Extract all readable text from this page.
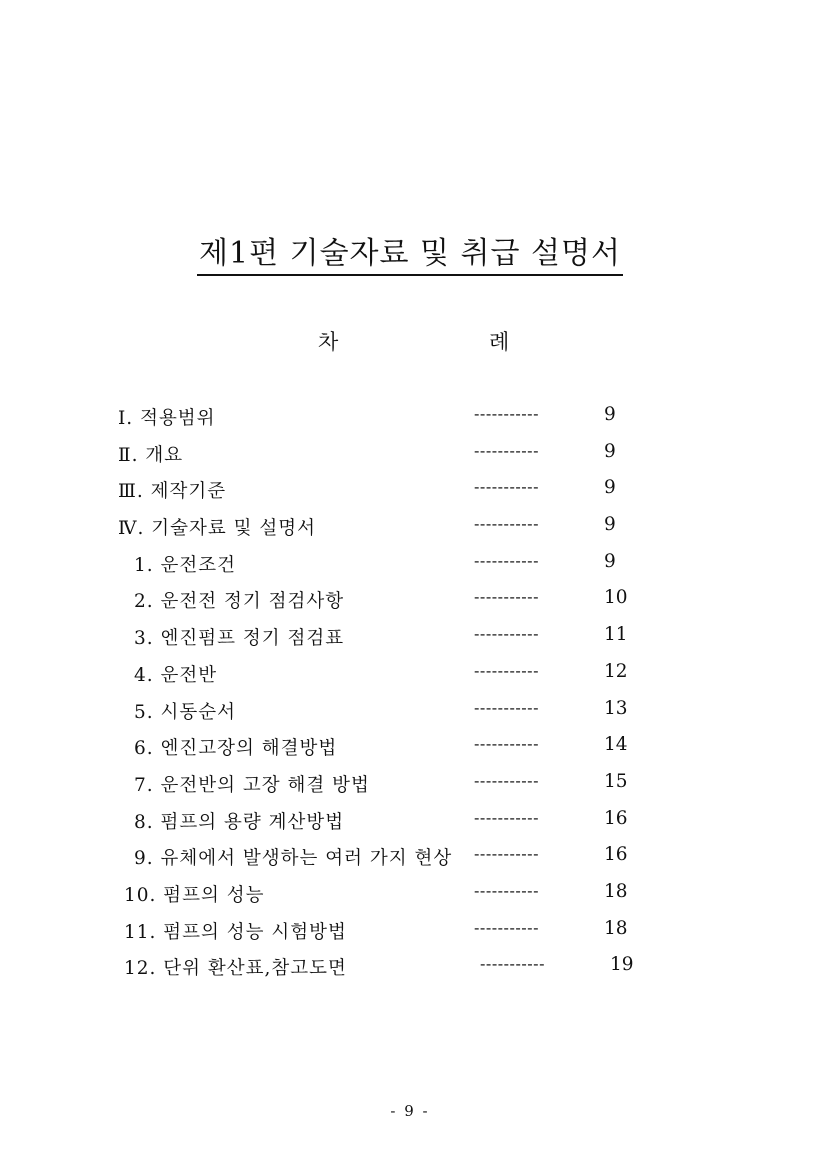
제1편 기술자료 및 취급 설명서
차 례
Ⅰ. 적용범위	-----------	9
Ⅱ. 개요	-----------	9
Ⅲ. 제작기준	-----------	9
Ⅳ. 기술자료 및 설명서	-----------	9
1. 운전조건	-----------	9
2. 운전전 정기 점검사항	-----------	10
3. 엔진펌프 정기 점검표	-----------	11
4. 운전반	-----------	12
5. 시동순서	-----------	13
6. 엔진고장의 해결방법	-----------	14
7. 운전반의 고장 해결 방법	-----------	15
8. 펌프의 용량 계산방법	-----------	16
9. 유체에서 발생하는 여러 가지 현상 -----------	16
10. 펌프의 성능	-----------	18
11. 펌프의 성능 시험방법	-----------	18
12. 단위 환산표,참고도면	-----------	19
- 9 -
